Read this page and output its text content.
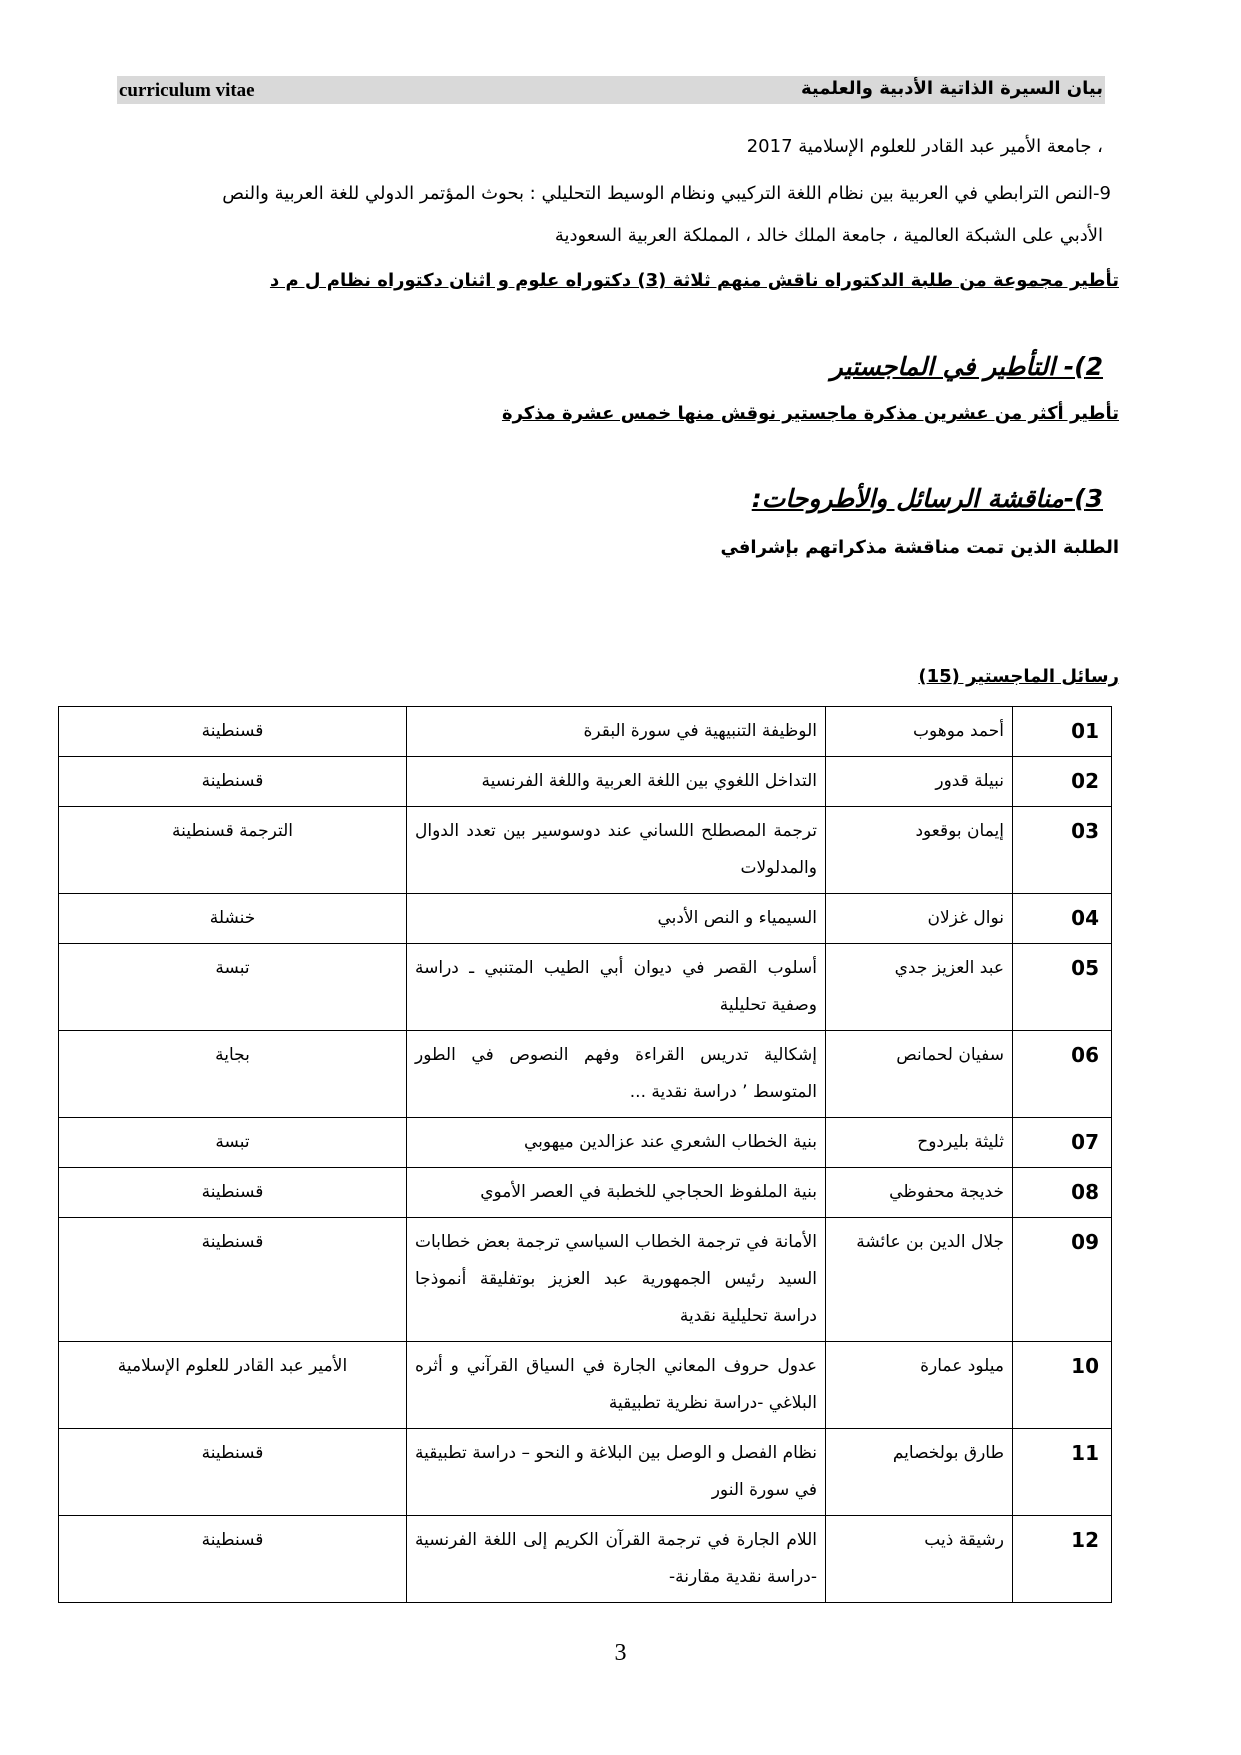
curriculum vitae	بيان السيرة الذاتية الأدبية والعلمية
، جامعة الأمير عبد القادر للعلوم الإسلامية 2017
9-النص الترابطي في العربية بين نظام اللغة التركيبي ونظام الوسيط التحليلي : بحوث المؤتمر الدولي للغة العربية والنص
الأدبي على الشبكة العالمية ، جامعة الملك خالد ، المملكة العربية السعودية
تأطير مجموعة من طلبة الدكتوراه ناقش منهم ثلاثة (3) دكتوراه علوم و اثنان دكتوراه نظام ل م د
2)- التأطير في الماجستير
تأطير أكثر من عشرين مذكرة ماجستير نوقش منها خمس عشرة مذكرة
3)-مناقشة الرسائل والأطروحات:
الطلبة الذين تمت مناقشة مذكراتهم بإشرافي
رسائل الماجستير (15)
01	أحمد موهوب	الوظيفة التنبيهية في سورة البقرة	قسنطينة
02	نبيلة قدور	التداخل اللغوي بين اللغة العربية واللغة الفرنسية	قسنطينة
03	إيمان بوقعود	ترجمة المصطلح اللساني عند دوسوسير بين تعدد الدوال والمدلولات	الترجمة قسنطينة
04	نوال غزلان	السيمياء و النص الأدبي	خنشلة
05	عبد العزيز جدي	أسلوب القصر في ديوان أبي الطيب المتنبي ـ دراسة وصفية تحليلية	تبسة
06	سفيان لحمانص	إشكالية تدريس القراءة وفهم النصوص في الطور المتوسط ’ دراسة نقدية ...	بجاية
07	ثليثة بليردوح	بنية الخطاب الشعري عند عزالدين ميهوبي	تبسة
08	خديجة محفوظي	بنية الملفوظ الحجاجي للخطبة في العصر الأموي	قسنطينة
09	جلال الدين بن عائشة	الأمانة في ترجمة الخطاب السياسي ترجمة بعض خطابات السيد رئيس الجمهورية عبد العزيز بوتفليقة أنموذجا دراسة تحليلية نقدية	قسنطينة
10	ميلود عمارة	عدول حروف المعاني الجارة في السياق القرآني و أثره البلاغي -دراسة نظرية تطبيقية	الأمير عبد القادر للعلوم الإسلامية
11	طارق بولخصايم	نظام الفصل و الوصل بين البلاغة و النحو – دراسة تطبيقية في سورة النور	قسنطينة
12	رشيقة ذيب	اللام الجارة في ترجمة القرآن الكريم إلى اللغة الفرنسية -دراسة نقدية مقارنة-	قسنطينة
3
